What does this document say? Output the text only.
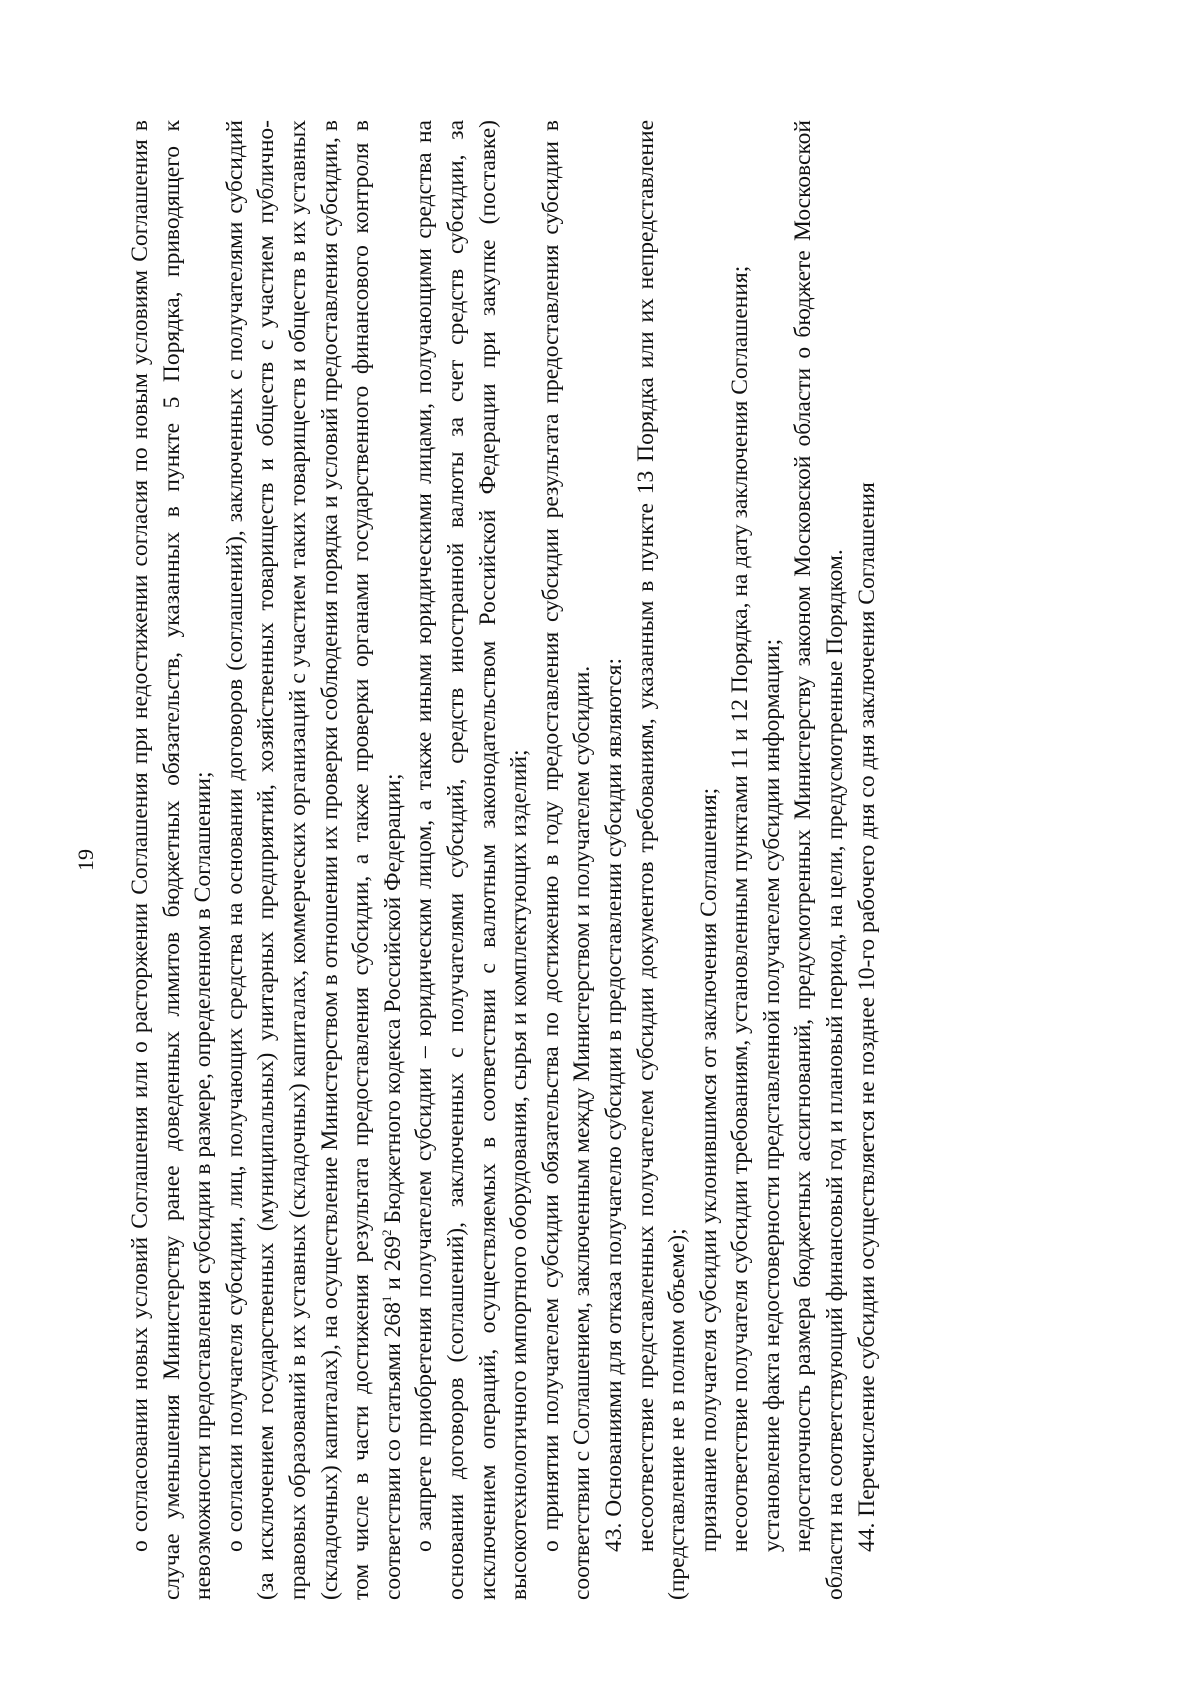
19 о согласовании новых условий Соглашения или о расторжении Соглашения при недостижении согласия по новым условиям Соглашения в случае уменьшения Министерству ранее доведенных лимитов бюджетных обязательств, указанных в пункте 5 Порядка, приводящего к невозможности предоставления субсидии в размере, определенном в Соглашении; о согласии получателя субсидии, лиц, получающих средства на основании договоров (соглашений), заключенных с получателями субсидий (за исключением государственных (муниципальных) унитарных предприятий, хозяйственных товариществ и обществ с участием публично-правовых образований в их уставных (складочных) капиталах, коммерческих организаций с участием таких товариществ и обществ в их уставных (складочных) капиталах), на осуществление Министерством в отношении их проверки соблюдения порядка и условий предоставления субсидии, в том числе в части достижения результата предоставления субсидии, а также проверки органами государственного финансового контроля в соответствии со статьями $268^1$ и $269^2$ Бюджетного кодекса Российской Федерации; о запрете приобретения получателем субсидии – юридическим лицом, а также иными юридическими лицами, получающими средства на основании договоров (соглашений), заключенных с получателями субсидий, средств иностранной валюты за счет средств субсидии, за исключением операций, осуществляемых в соответствии с валютным законодательством Российской Федерации при закупке (поставке) высокотехнологичного импортного оборудования, сырья и комплектующих изделий; о принятии получателем субсидии обязательства по достижению в году предоставления субсидии результата предоставления субсидии в соответствии с Соглашением, заключенным между Министерством и получателем субсидии. 43. Основаниями для отказа получателю субсидии в предоставлении субсидии являются: несоответствие представленных получателем субсидии документов требованиям, указанным в пункте 13 Порядка или их непредставление (представление не в полном объеме); признание получателя субсидии уклонившимся от заключения Соглашения; несоответствие получателя субсидии требованиям, установленным пунктами 11 и 12 Порядка, на дату заключения Соглашения; установление факта недостоверности представленной получателем субсидии информации; недостаточность размера бюджетных ассигнований, предусмотренных Министерству законом Московской области о бюджете Московской области на соответствующий финансовый год и плановый период, на цели, предусмотренные Порядком. 44. Перечисление субсидии осуществляется не позднее 10-го рабочего дня со дня заключения Соглашения
